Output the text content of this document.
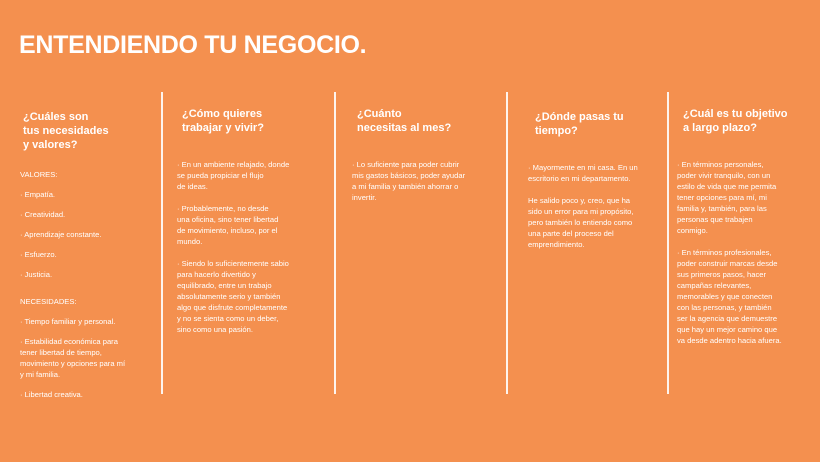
ENTENDIENDO TU NEGOCIO.

¿Cuáles son
tus necesidades
y valores?

VALORES:

· Empatía.

· Creatividad.

· Aprendizaje constante.

· Esfuerzo.

· Justicia.

NECESIDADES:

· Tiempo familiar y personal.

· Estabilidad económica para
tener libertad de tiempo,
movimiento y opciones para mí
y mi familia.

· Libertad creativa.

¿Cómo quieres
trabajar y vivir?

· En un ambiente relajado, donde
se pueda propiciar el flujo
de ideas.

· Probablemente, no desde
una oficina, sino tener libertad
de movimiento, incluso, por el
mundo.

· Siendo lo suficientemente sabio
para hacerlo divertido y
equilibrado, entre un trabajo
absolutamente serio y también
algo que disfrute completamente
y no se sienta como un deber,
sino como una pasión.

¿Cuánto
necesitas al mes?

· Lo suficiente para poder cubrir
mis gastos básicos, poder ayudar
a mi familia y también ahorrar o
invertir.

¿Dónde pasas tu
tiempo?

· Mayormente en mi casa. En un
escritorio en mi departamento.

He salido poco y, creo, que ha
sido un error para mi propósito,
pero también lo entiendo como
una parte del proceso del
emprendimiento.

¿Cuál es tu objetivo
a largo plazo?

· En términos personales,
poder vivir tranquilo, con un
estilo de vida que me permita
tener opciones para mí, mi
familia y, también, para las
personas que trabajen
conmigo.

· En términos profesionales,
poder construir marcas desde
sus primeros pasos, hacer
campañas relevantes,
memorables y que conecten
con las personas, y también
ser la agencia que demuestre
que hay un mejor camino que
va desde adentro hacia afuera.
